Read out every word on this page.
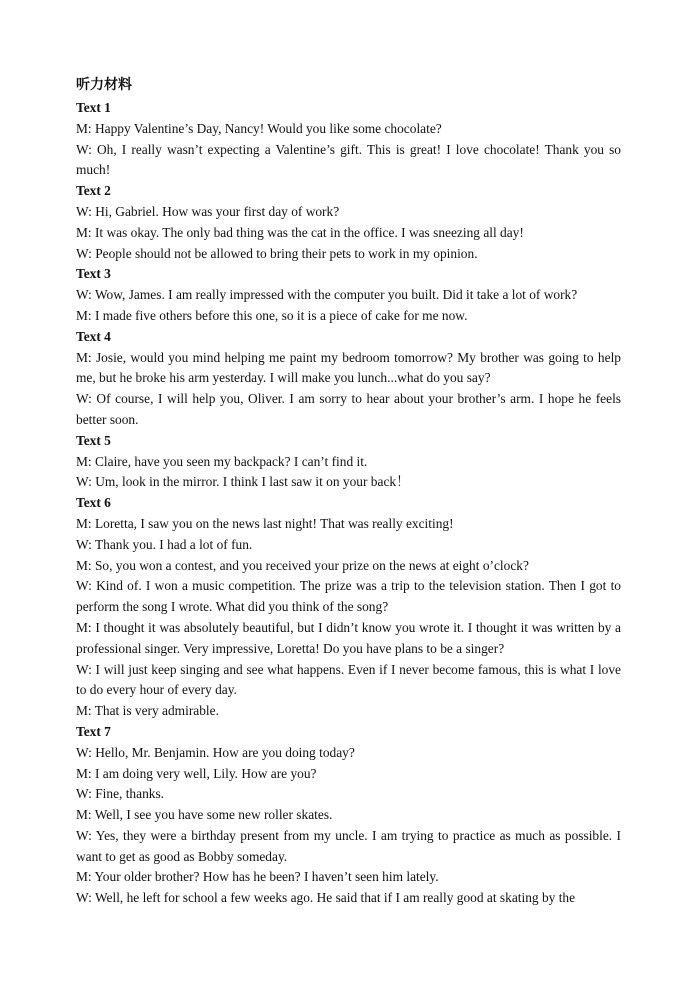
听力材料

Text 1

M: Happy Valentine’s Day, Nancy! Would you like some chocolate?

W: Oh, I really wasn’t expecting a Valentine’s gift. This is great! I love chocolate! Thank you so much!

Text 2

W: Hi, Gabriel. How was your first day of work?

M: It was okay. The only bad thing was the cat in the office. I was sneezing all day!

W: People should not be allowed to bring their pets to work in my opinion.

Text 3

W: Wow, James. I am really impressed with the computer you built. Did it take a lot of work?

M: I made five others before this one, so it is a piece of cake for me now.

Text 4

M: Josie, would you mind helping me paint my bedroom tomorrow? My brother was going to help me, but he broke his arm yesterday. I will make you lunch...what do you say?

W: Of course, I will help you, Oliver. I am sorry to hear about your brother’s arm. I hope he feels better soon.

Text 5

M: Claire, have you seen my backpack? I can’t find it.

W: Um, look in the mirror. I think I last saw it on your back！

Text 6

M: Loretta, I saw you on the news last night! That was really exciting!

W: Thank you. I had a lot of fun.

M: So, you won a contest, and you received your prize on the news at eight o’clock?

W: Kind of. I won a music competition. The prize was a trip to the television station. Then I got to perform the song I wrote. What did you think of the song?

M: I thought it was absolutely beautiful, but I didn’t know you wrote it. I thought it was written by a professional singer. Very impressive, Loretta! Do you have plans to be a singer?

W: I will just keep singing and see what happens. Even if I never become famous, this is what I love to do every hour of every day.

M: That is very admirable.

Text 7

W: Hello, Mr. Benjamin. How are you doing today?

M: I am doing very well, Lily. How are you?

W: Fine, thanks.

M: Well, I see you have some new roller skates.

W: Yes, they were a birthday present from my uncle. I am trying to practice as much as possible. I want to get as good as Bobby someday.

M: Your older brother? How has he been? I haven’t seen him lately.

W: Well, he left for school a few weeks ago. He said that if I am really good at skating by the
